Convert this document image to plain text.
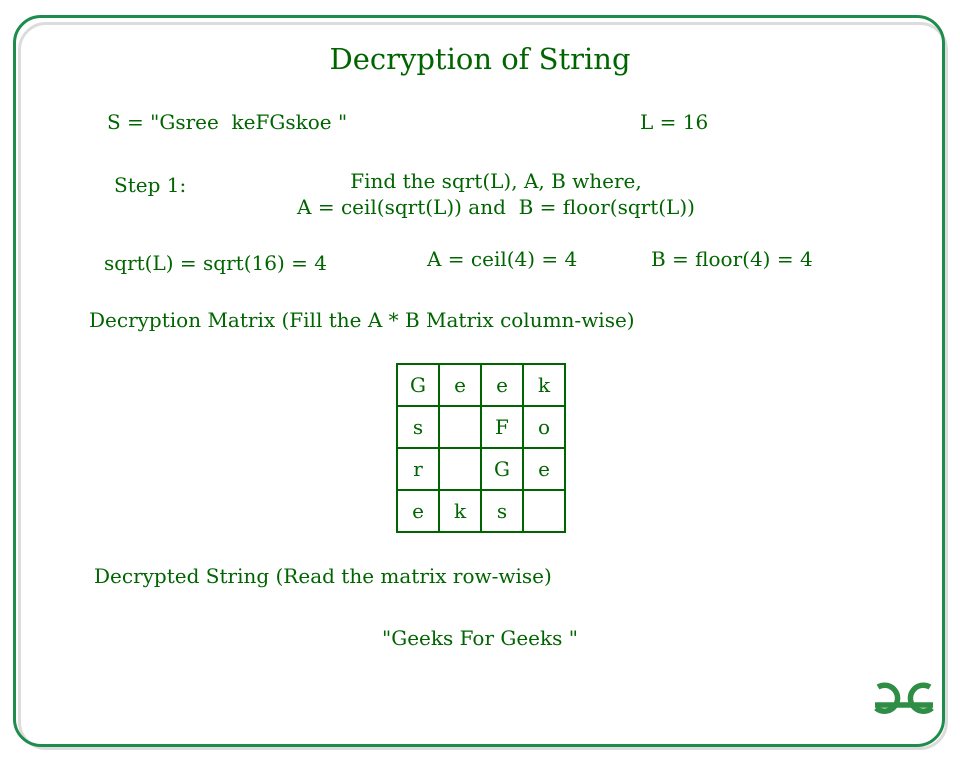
Decryption of String
S = "Gsree  keFGskoe "	L = 16
Step 1:	Find the sqrt(L), A, B where,
A = ceil(sqrt(L)) and  B = floor(sqrt(L))
sqrt(L) = sqrt(16) = 4	A = ceil(4) = 4	B = floor(4) = 4
Decryption Matrix (Fill the A * B Matrix column-wise)
G	e	e	k
s		F	o
r		G	e
e	k	s	
Decrypted String (Read the matrix row-wise)
"Geeks For Geeks "
